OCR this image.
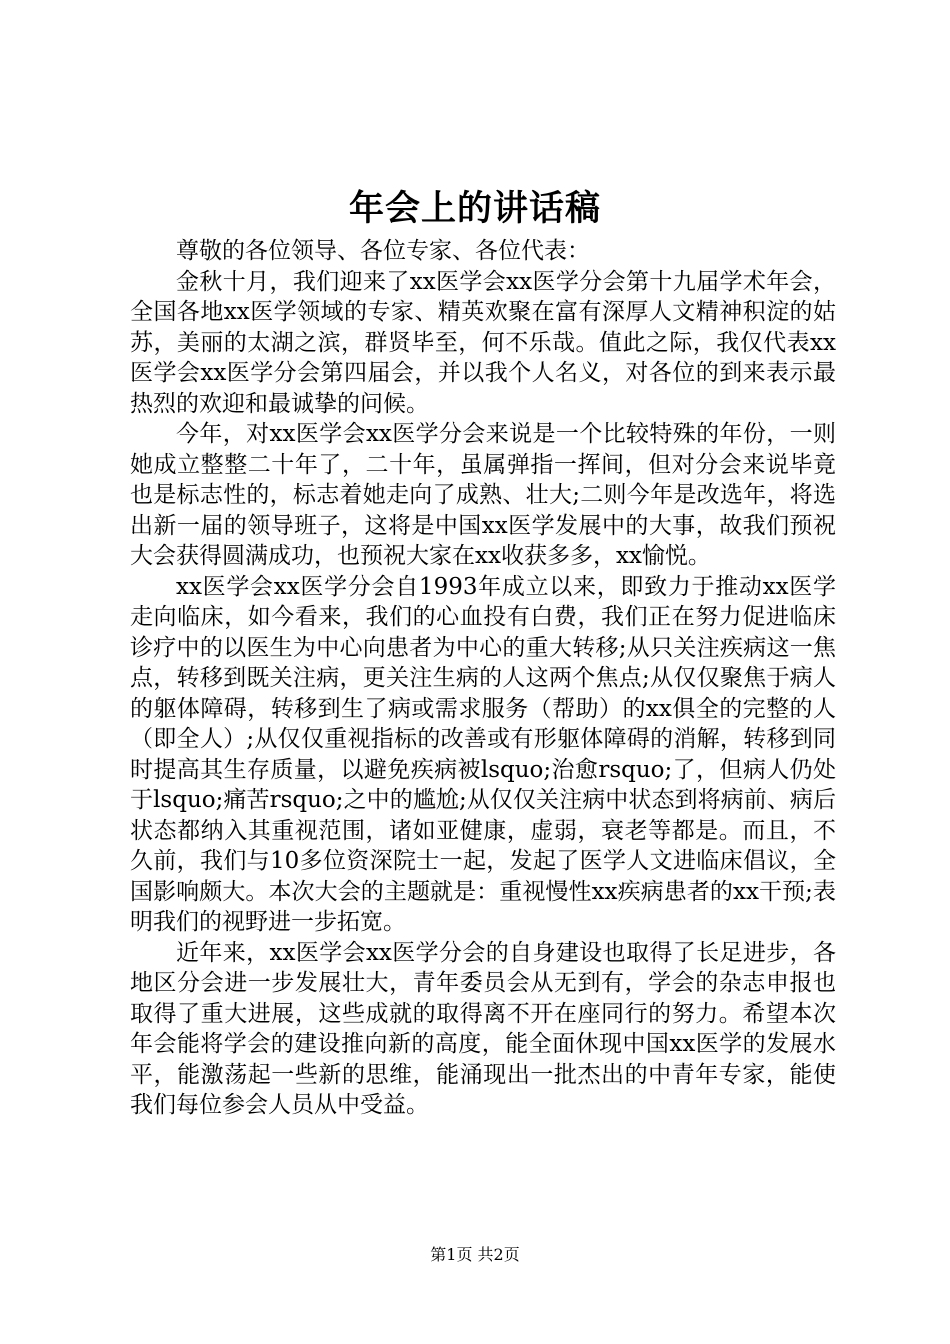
年会上的讲话稿

尊敬的各位领导、各位专家、各位代表：

金秋十月，我们迎来了xx医学会xx医学分会第十九届学术年会，全国各地xx医学领域的专家、精英欢聚在富有深厚人文精神积淀的姑苏，美丽的太湖之滨，群贤毕至，何不乐哉。值此之际，我仅代表xx医学会xx医学分会第四届会，并以我个人名义，对各位的到来表示最热烈的欢迎和最诚挚的问候。

今年，对xx医学会xx医学分会来说是一个比较特殊的年份，一则她成立整整二十年了，二十年，虽属弹指一挥间，但对分会来说毕竟也是标志性的，标志着她走向了成熟、壮大;二则今年是改选年，将选出新一届的领导班子，这将是中国xx医学发展中的大事，故我们预祝大会获得圆满成功，也预祝大家在xx收获多多，xx愉悦。

xx医学会xx医学分会自1993年成立以来，即致力于推动xx医学走向临床，如今看来，我们的心血投有白费，我们正在努力促进临床诊疗中的以医生为中心向患者为中心的重大转移;从只关注疾病这一焦点，转移到既关注病，更关注生病的人这两个焦点;从仅仅聚焦于病人的躯体障碍，转移到生了病或需求服务（帮助）的xx俱全的完整的人（即全人）;从仅仅重视指标的改善或有形躯体障碍的消解，转移到同时提高其生存质量，以避免疾病被lsquo;治愈rsquo;了，但病人仍处于lsquo;痛苦rsquo;之中的尴尬;从仅仅关注病中状态到将病前、病后状态都纳入其重视范围，诸如亚健康，虚弱，衰老等都是。而且，不久前，我们与10多位资深院士一起，发起了医学人文进临床倡议，全国影响颇大。本次大会的主题就是：重视慢性xx疾病患者的xx干预;表明我们的视野进一步拓宽。

近年来，xx医学会xx医学分会的自身建设也取得了长足进步，各地区分会进一步发展壮大，青年委员会从无到有，学会的杂志申报也取得了重大进展，这些成就的取得离不开在座同行的努力。希望本次年会能将学会的建设推向新的高度，能全面休现中国xx医学的发展水平，能激荡起一些新的思维，能涌现出一批杰出的中青年专家，能使我们每位参会人员从中受益。

第1页 共2页
